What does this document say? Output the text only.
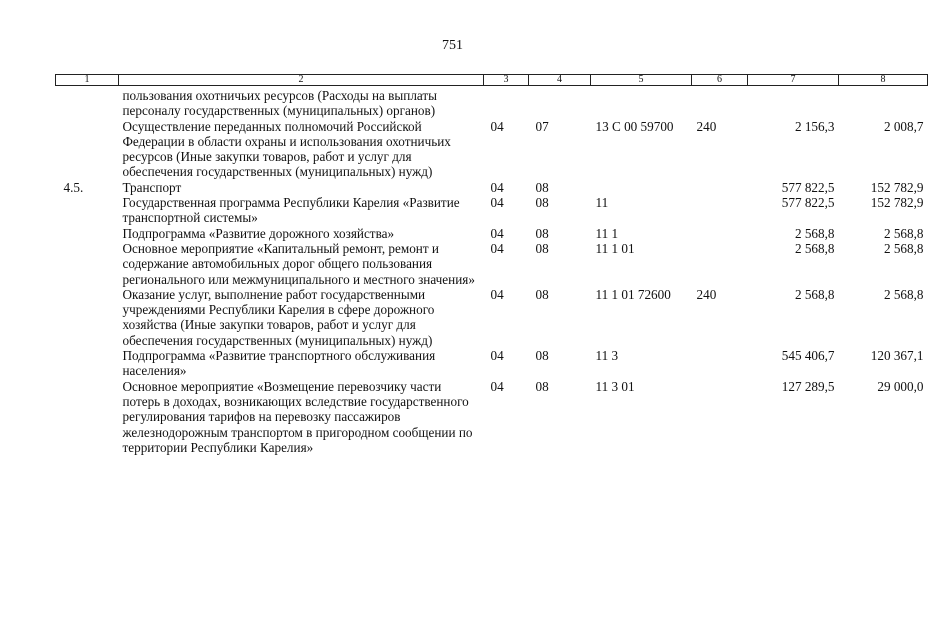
751
1	2	3	4	5	6	7	8
	пользования охотничьих ресурсов (Расходы на выплаты персоналу государственных (муниципальных) органов)						
	Осуществление переданных полномочий Российской Федерации в области охраны и использования охотничьих ресурсов (Иные закупки товаров, работ и услуг для обеспечения государственных (муниципальных) нужд)	04	07	13 С 00 59700	240	2 156,3	2 008,7
4.5.	Транспорт	04	08			577 822,5	152 782,9
	Государственная программа Республики Карелия «Развитие транспортной системы»	04	08	11		577 822,5	152 782,9
	Подпрограмма «Развитие дорожного хозяйства»	04	08	11 1		2 568,8	2 568,8
	Основное мероприятие «Капитальный ремонт, ремонт и содержание автомобильных дорог общего пользования регионального или межмуниципального и местного значения»	04	08	11 1 01		2 568,8	2 568,8
	Оказание услуг, выполнение работ государственными учреждениями Республики Карелия в сфере дорожного хозяйства (Иные закупки товаров, работ и услуг для обеспечения государственных (муниципальных) нужд)	04	08	11 1 01 72600	240	2 568,8	2 568,8
	Подпрограмма «Развитие транспортного обслуживания населения»	04	08	11 3		545 406,7	120 367,1
	Основное мероприятие «Возмещение перевозчику части потерь в доходах, возникающих вследствие государственного регулирования тарифов на перевозку пассажиров железнодорожным транспортом в пригородном сообщении по территории Республики Карелия»	04	08	11 3 01		127 289,5	29 000,0
